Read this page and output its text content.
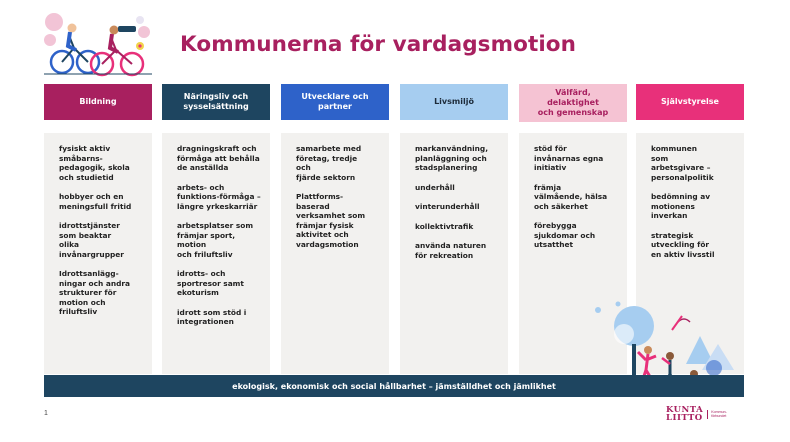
Kommunerna för vardagsmotion
Bildning
fysiskt aktiv
småbarns-
pedagogik, skola
och studietid
hobbyer och en
meningsfull fritid
idrottstjänster
som beaktar
olika
invånargrupper
Idrottsanlägg-
ningar och andra
strukturer för
motion och
friluftsliv
Näringsliv och
sysselsättning
dragningskraft och
förmåga att behålla
de anställda
arbets- och
funktions-förmåga –
längre yrkeskarriär
arbetsplatser som
främjar sport, motion
och friluftsliv
idrotts- och
sportresor samt
ekoturism
idrott som stöd i
integrationen
Utvecklare och
partner
samarbete med
företag, tredje
och
fjärde sektorn
Plattforms-
baserad
verksamhet som
främjar fysisk
aktivitet och
vardagsmotion
Livsmiljö
markanvändning,
planläggning och
stadsplanering
underhåll
vinterunderhåll
kollektivtrafik
använda naturen
för rekreation
Välfärd,
delaktighet
och gemenskap
stöd för
invånarnas egna
initiativ
främja
välmående, hälsa
och säkerhet
förebygga
sjukdomar och
utsatthet
Självstyrelse
kommunen
som
arbetsgivare –
personalpolitik
bedömning av
motionens
inverkan
strategisk
utveckling för
en aktiv livsstil
ekologisk, ekonomisk och social hållbarhet – jämställdhet och jämlikhet
1	KUNTA
LIITTO
Kommun-
förbundet
